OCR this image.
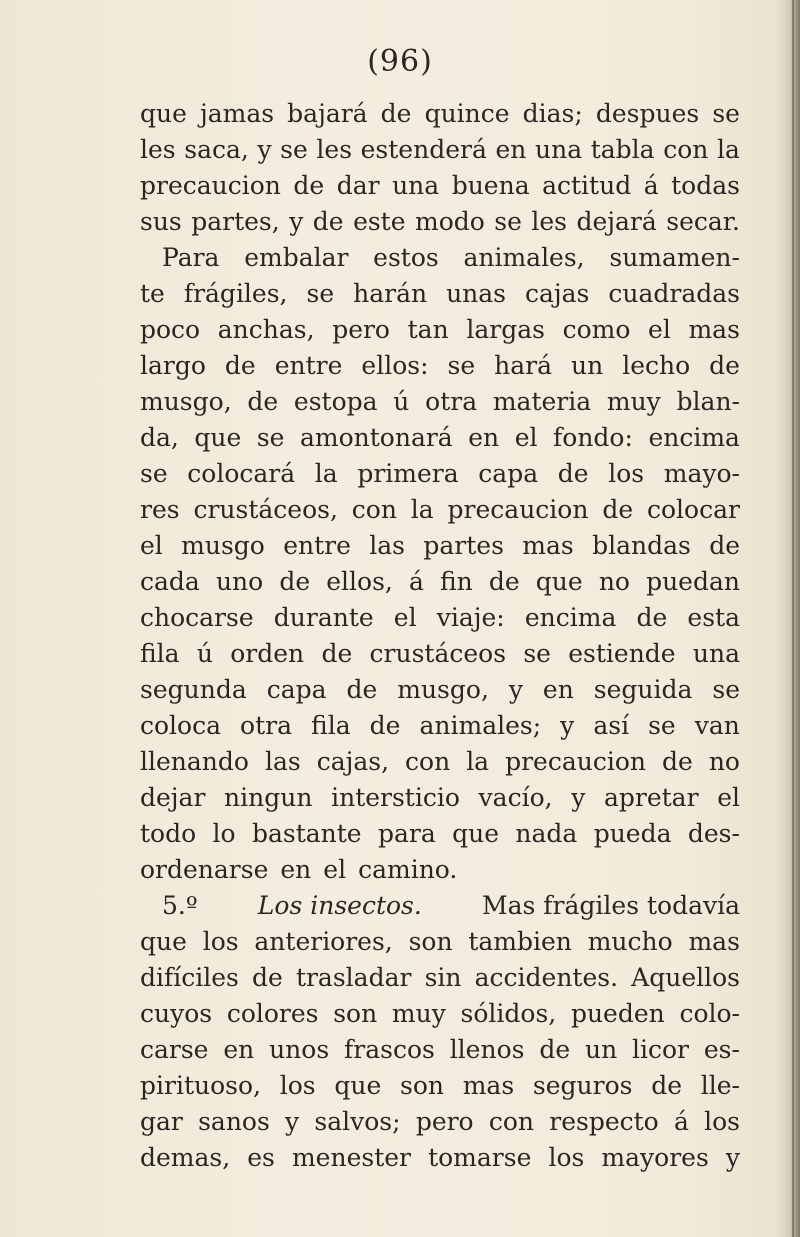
(96)
que jamas bajará de quince dias; despues se
les saca, y se les estenderá en una tabla con la
precaucion de dar una buena actitud á todas
sus partes, y de este modo se les dejará secar.
Para embalar estos animales, sumamen-
te frágiles, se harán unas cajas cuadradas
poco anchas, pero tan largas como el mas
largo de entre ellos: se hará un lecho de
musgo, de estopa ú otra materia muy blan-
da, que se amontonará en el fondo: encima
se colocará la primera capa de los mayo-
res crustáceos, con la precaucion de colocar
el musgo entre las partes mas blandas de
cada uno de ellos, á fin de que no puedan
chocarse durante el viaje: encima de esta
fila ú orden de crustáceos se estiende una
segunda capa de musgo, y en seguida se
coloca otra fila de animales; y así se van
llenando las cajas, con la precaucion de no
dejar ningun intersticio vacío, y apretar el
todo lo bastante para que nada pueda des-
ordenarse en el camino.
5.º Los insectos. Mas frágiles todavía
que los anteriores, son tambien mucho mas
difíciles de trasladar sin accidentes. Aquellos
cuyos colores son muy sólidos, pueden colo-
carse en unos frascos llenos de un licor es-
pirituoso, los que son mas seguros de lle-
gar sanos y salvos; pero con respecto á los
demas, es menester tomarse los mayores y
